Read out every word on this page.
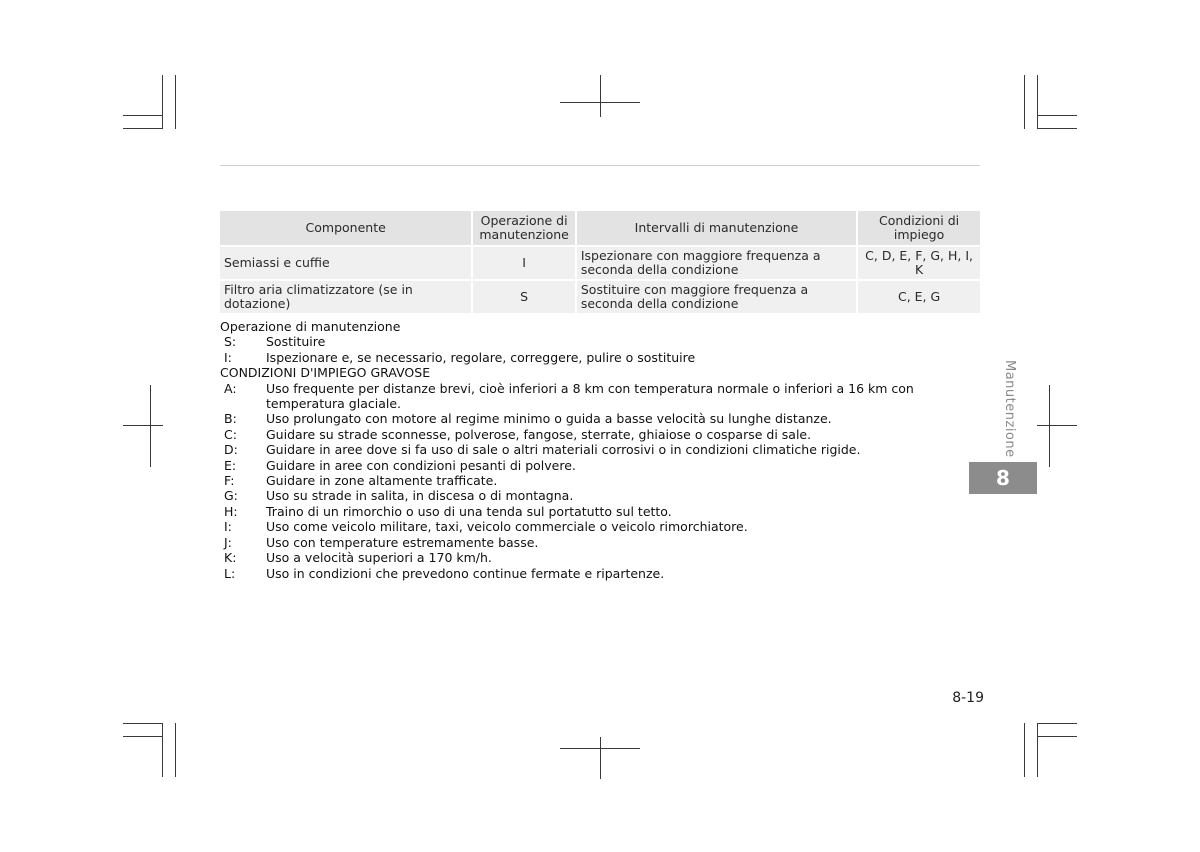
Componente	Operazione di manutenzione	Intervalli di manutenzione	Condizioni di impiego
Semiassi e cuffie	I	Ispezionare con maggiore frequenza a seconda della condizione	C, D, E, F, G, H, I, K
Filtro aria climatizzatore (se in dotazione)	S	Sostituire con maggiore frequenza a seconda della condizione	C, E, G

Operazione di manutenzione

S:	Sostituire
I:	Ispezionare e, se necessario, regolare, correggere, pulire o sostituire

CONDIZIONI D'IMPIEGO GRAVOSE

A:	Uso frequente per distanze brevi, cioè inferiori a 8 km con temperatura normale o inferiori a 16 km con temperatura glaciale.
B:	Uso prolungato con motore al regime minimo o guida a basse velocità su lunghe distanze.
C:	Guidare su strade sconnesse, polverose, fangose, sterrate, ghiaiose o cosparse di sale.
D:	Guidare in aree dove si fa uso di sale o altri materiali corrosivi o in condizioni climatiche rigide.
E:	Guidare in aree con condizioni pesanti di polvere.
F:	Guidare in zone altamente trafficate.
G:	Uso su strade in salita, in discesa o di montagna.
H:	Traino di un rimorchio o uso di una tenda sul portatutto sul tetto.
I:	Uso come veicolo militare, taxi, veicolo commerciale o veicolo rimorchiatore.
J:	Uso con temperature estremamente basse.
K:	Uso a velocità superiori a 170 km/h.
L:	Uso in condizioni che prevedono continue fermate e ripartenze.
Manutenzione
8
8-19
